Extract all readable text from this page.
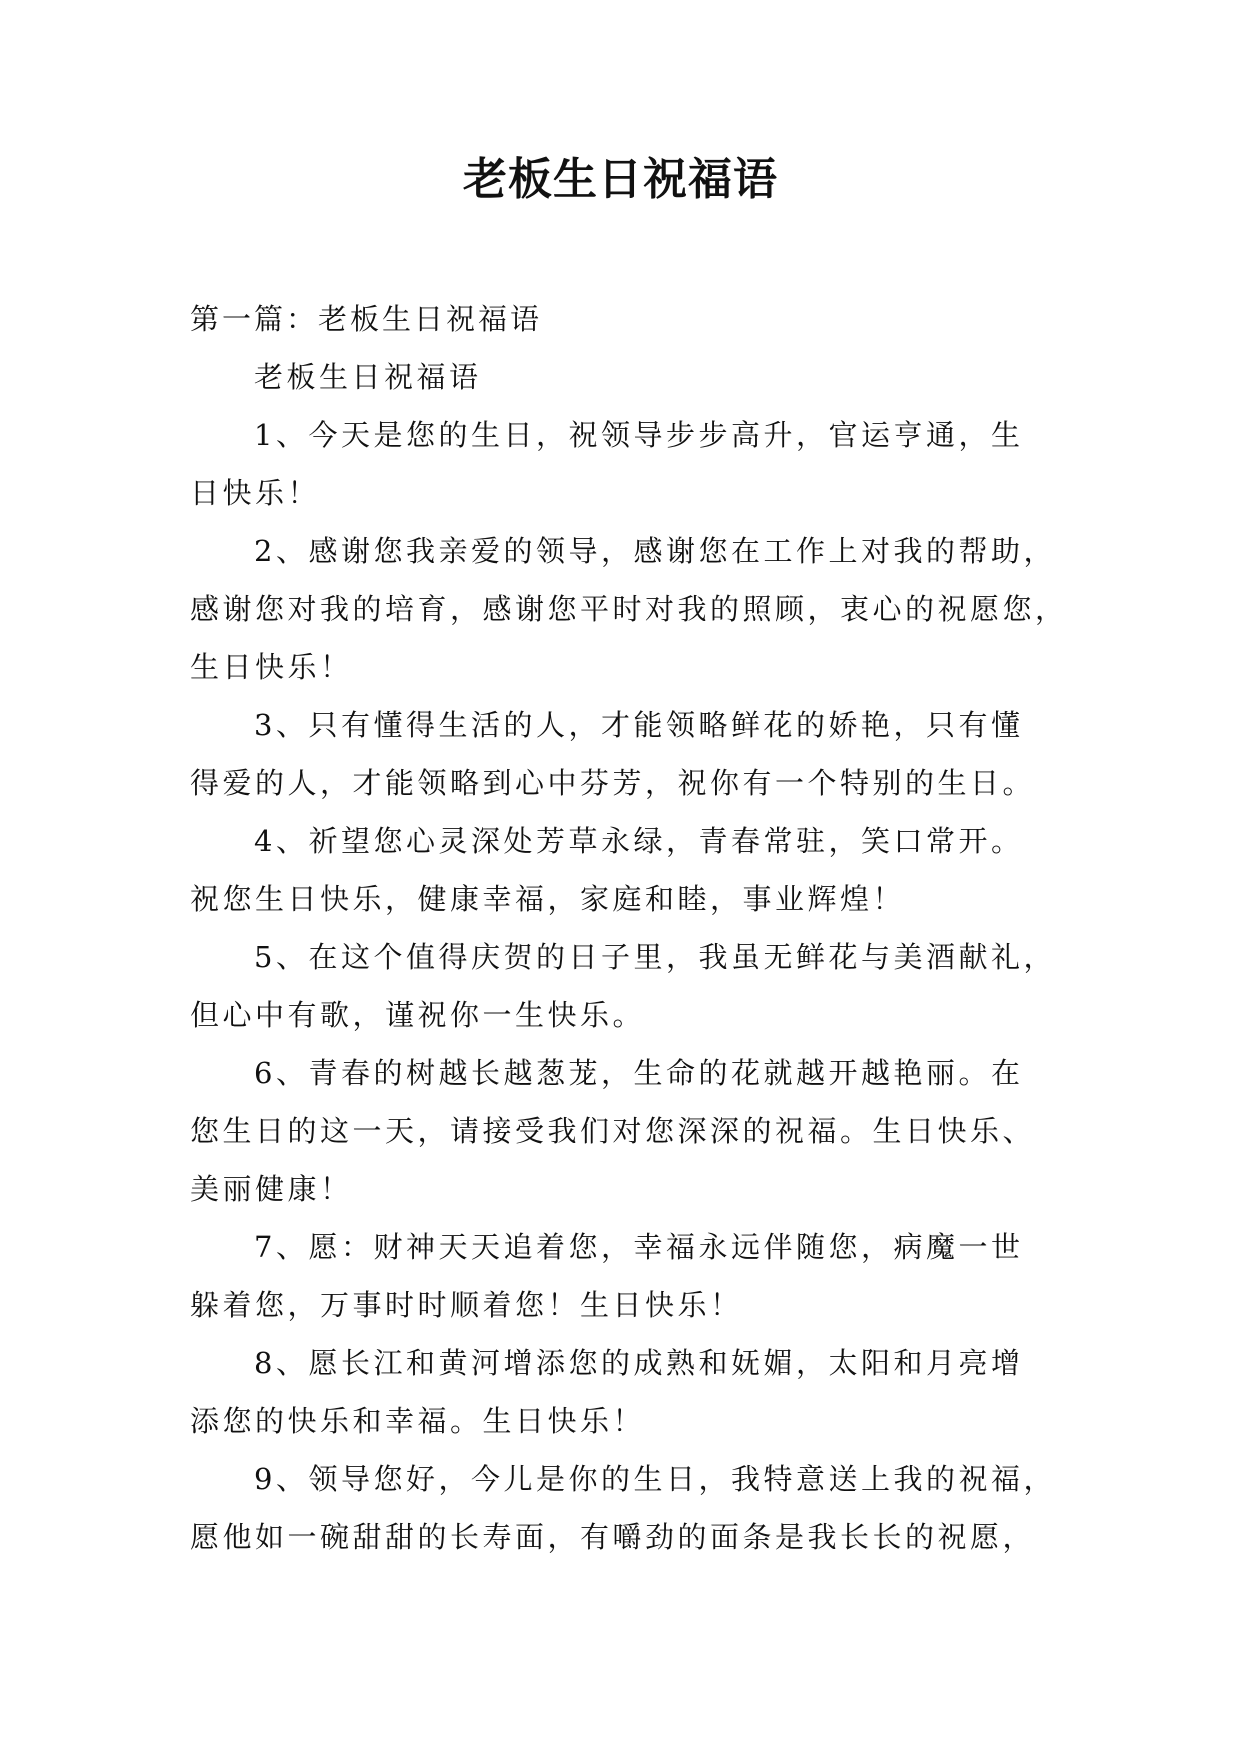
老板生日祝福语

第一篇：老板生日祝福语

老板生日祝福语

1、今天是您的生日，祝领导步步高升，官运亨通，生

日快乐！

2、感谢您我亲爱的领导，感谢您在工作上对我的帮助，

感谢您对我的培育，感谢您平时对我的照顾，衷心的祝愿您，

生日快乐！

3、只有懂得生活的人，才能领略鲜花的娇艳，只有懂

得爱的人，才能领略到心中芬芳，祝你有一个特别的生日。

4、祈望您心灵深处芳草永绿，青春常驻，笑口常开。

祝您生日快乐，健康幸福，家庭和睦，事业辉煌！

5、在这个值得庆贺的日子里，我虽无鲜花与美酒献礼，

但心中有歌，谨祝你一生快乐。

6、青春的树越长越葱茏，生命的花就越开越艳丽。在

您生日的这一天，请接受我们对您深深的祝福。生日快乐、

美丽健康！

7、愿：财神天天追着您，幸福永远伴随您，病魔一世

躲着您，万事时时顺着您！生日快乐！

8、愿长江和黄河增添您的成熟和妩媚，太阳和月亮增

添您的快乐和幸福。生日快乐！

9、领导您好，今儿是你的生日，我特意送上我的祝福，

愿他如一碗甜甜的长寿面，有嚼劲的面条是我长长的祝愿，
